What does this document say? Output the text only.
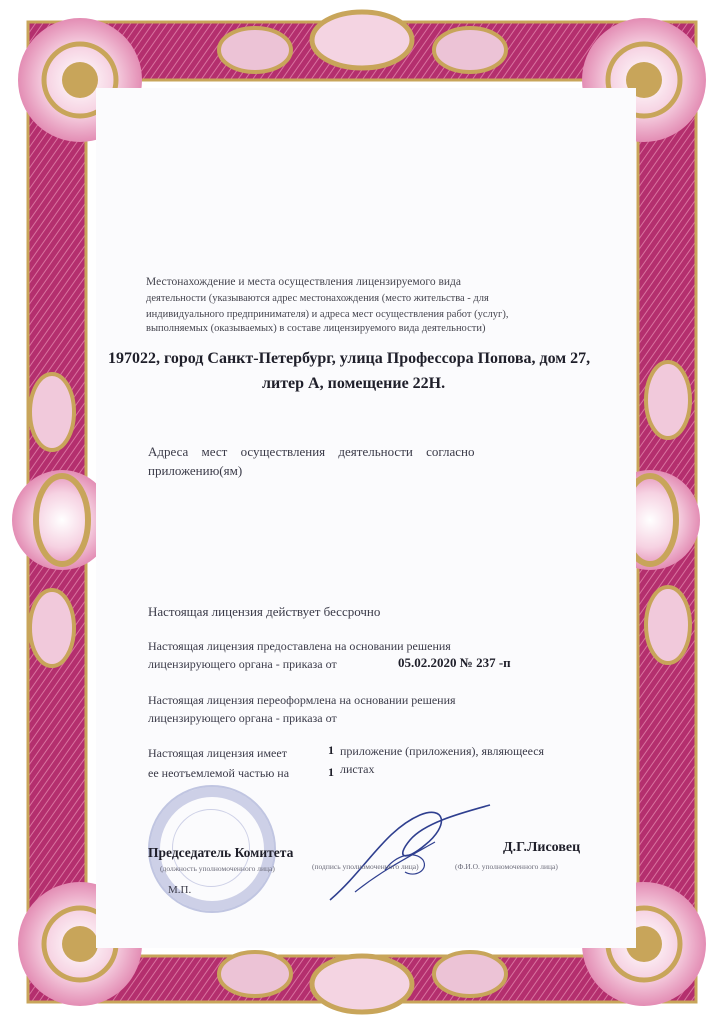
Местонахождение и места осуществления лицензируемого вида
деятельности (указываются адрес местонахождения (место жительства - для
индивидуального предпринимателя) и адреса мест осуществления работ (услуг),
выполняемых (оказываемых) в составе лицензируемого вида деятельности)
197022, город Санкт-Петербург, улица Профессора Попова, дом 27,
литер А, помещение 22Н.
Адреса мест осуществления деятельности согласно
приложению(ям)
Настоящая лицензия действует бессрочно
Настоящая лицензия предоставлена на основании решения
лицензирующего органа - приказа от	05.02.2020 № 237 -п
Настоящая лицензия переоформлена на основании решения
лицензирующего органа - приказа от
Настоящая лицензия имеет
ее неотъемлемой частью на
1
1
приложение (приложения), являющееся
листах
Председатель Комитета
(должность уполномоченного лица)	(подпись уполномоченного лица)
Д.Г.Лисовец
(Ф.И.О. уполномоченного лица)
М.П.
